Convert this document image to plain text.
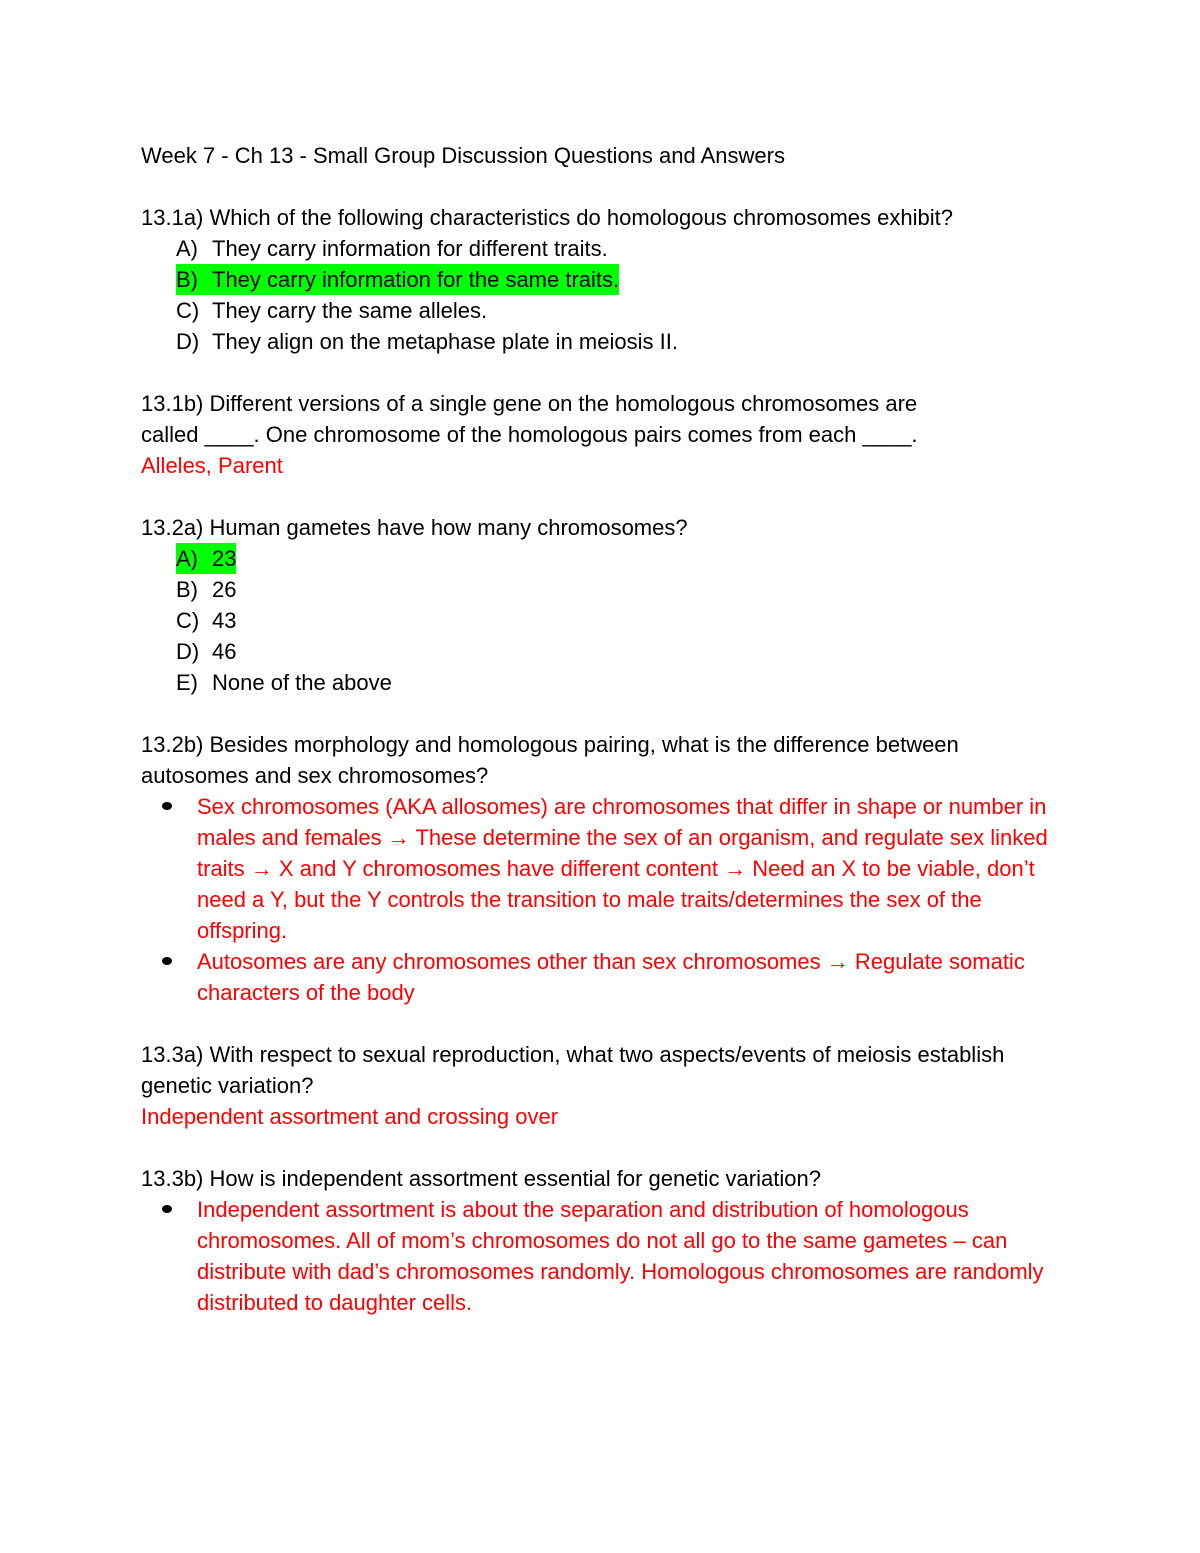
Week 7 - Ch 13 - Small Group Discussion Questions and Answers
13.1a) Which of the following characteristics do homologous chromosomes exhibit?
A) They carry information for different traits.
B) They carry information for the same traits.
C) They carry the same alleles.
D) They align on the metaphase plate in meiosis II.
13.1b) Different versions of a single gene on the homologous chromosomes are
called ____. One chromosome of the homologous pairs comes from each ____.
Alleles, Parent
13.2a) Human gametes have how many chromosomes?
A) 23
B) 26
C) 43
D) 46
E) None of the above
13.2b) Besides morphology and homologous pairing, what is the difference between autosomes and sex chromosomes?
Sex chromosomes (AKA allosomes) are chromosomes that differ in shape or number in males and females → These determine the sex of an organism, and regulate sex linked traits → X and Y chromosomes have different content → Need an X to be viable, don’t need a Y, but the Y controls the transition to male traits/determines the sex of the offspring.
Autosomes are any chromosomes other than sex chromosomes → Regulate somatic characters of the body
13.3a) With respect to sexual reproduction, what two aspects/events of meiosis establish genetic variation?
Independent assortment and crossing over
13.3b) How is independent assortment essential for genetic variation?
Independent assortment is about the separation and distribution of homologous chromosomes. All of mom’s chromosomes do not all go to the same gametes – can distribute with dad’s chromosomes randomly. Homologous chromosomes are randomly distributed to daughter cells.
